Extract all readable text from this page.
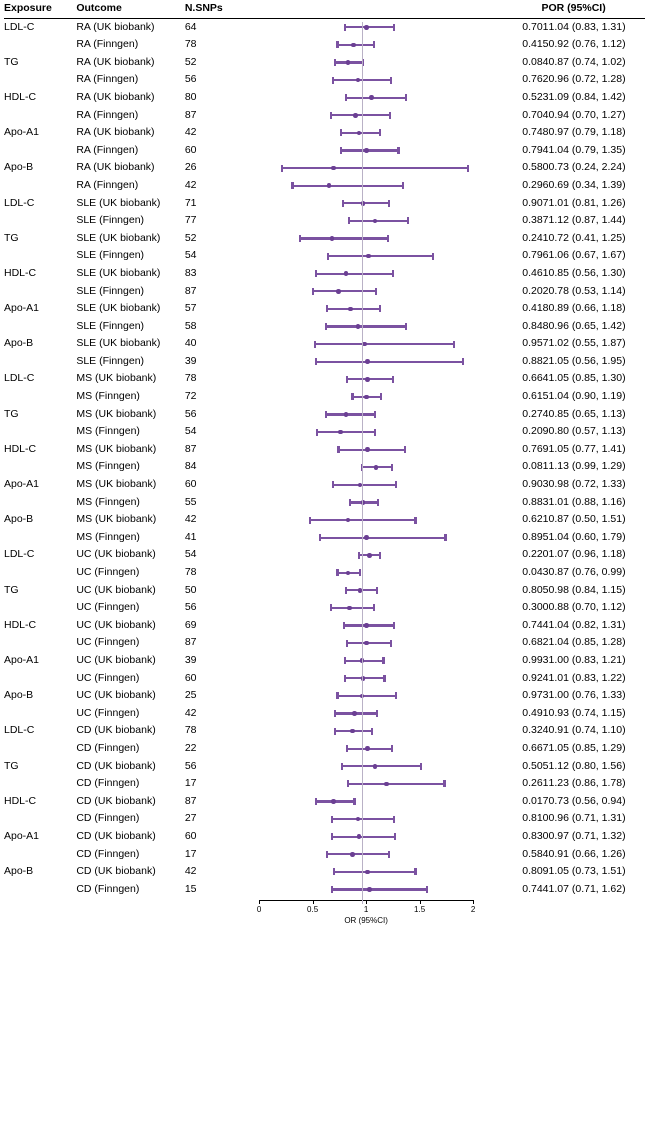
Exposure	Outcome	N.SNPs		P	OR (95%CI)
LDL-C	RA (UK biobank)	64		0.701	1.04 (0.83, 1.31)
	RA (Finngen)	78		0.415	0.92 (0.76, 1.12)
TG	RA (UK biobank)	52		0.084	0.87 (0.74, 1.02)
	RA (Finngen)	56		0.762	0.96 (0.72, 1.28)
HDL-C	RA (UK biobank)	80		0.523	1.09 (0.84, 1.42)
	RA (Finngen)	87		0.704	0.94 (0.70, 1.27)
Apo-A1	RA (UK biobank)	42		0.748	0.97 (0.79, 1.18)
	RA (Finngen)	60		0.794	1.04 (0.79, 1.35)
Apo-B	RA (UK biobank)	26		0.580	0.73 (0.24, 2.24)
	RA (Finngen)	42		0.296	0.69 (0.34, 1.39)
LDL-C	SLE (UK biobank)	71		0.907	1.01 (0.81, 1.26)
	SLE (Finngen)	77		0.387	1.12 (0.87, 1.44)
TG	SLE (UK biobank)	52		0.241	0.72 (0.41, 1.25)
	SLE (Finngen)	54		0.796	1.06 (0.67, 1.67)
HDL-C	SLE (UK biobank)	83		0.461	0.85 (0.56, 1.30)
	SLE (Finngen)	87		0.202	0.78 (0.53, 1.14)
Apo-A1	SLE (UK biobank)	57		0.418	0.89 (0.66, 1.18)
	SLE (Finngen)	58		0.848	0.96 (0.65, 1.42)
Apo-B	SLE (UK biobank)	40		0.957	1.02 (0.55, 1.87)
	SLE (Finngen)	39		0.882	1.05 (0.56, 1.95)
LDL-C	MS (UK biobank)	78		0.664	1.05 (0.85, 1.30)
	MS (Finngen)	72		0.615	1.04 (0.90, 1.19)
TG	MS (UK biobank)	56		0.274	0.85 (0.65, 1.13)
	MS (Finngen)	54		0.209	0.80 (0.57, 1.13)
HDL-C	MS (UK biobank)	87		0.769	1.05 (0.77, 1.41)
	MS (Finngen)	84		0.081	1.13 (0.99, 1.29)
Apo-A1	MS (UK biobank)	60		0.903	0.98 (0.72, 1.33)
	MS (Finngen)	55		0.883	1.01 (0.88, 1.16)
Apo-B	MS (UK biobank)	42		0.621	0.87 (0.50, 1.51)
	MS (Finngen)	41		0.895	1.04 (0.60, 1.79)
LDL-C	UC (UK biobank)	54		0.220	1.07 (0.96, 1.18)
	UC (Finngen)	78		0.043	0.87 (0.76, 0.99)
TG	UC (UK biobank)	50		0.805	0.98 (0.84, 1.15)
	UC (Finngen)	56		0.300	0.88 (0.70, 1.12)
HDL-C	UC (UK biobank)	69		0.744	1.04 (0.82, 1.31)
	UC (Finngen)	87		0.682	1.04 (0.85, 1.28)
Apo-A1	UC (UK biobank)	39		0.993	1.00 (0.83, 1.21)
	UC (Finngen)	60		0.924	1.01 (0.83, 1.22)
Apo-B	UC (UK biobank)	25		0.973	1.00 (0.76, 1.33)
	UC (Finngen)	42		0.491	0.93 (0.74, 1.15)
LDL-C	CD (UK biobank)	78		0.324	0.91 (0.74, 1.10)
	CD (Finngen)	22		0.667	1.05 (0.85, 1.29)
TG	CD (UK biobank)	56		0.505	1.12 (0.80, 1.56)
	CD (Finngen)	17		0.261	1.23 (0.86, 1.78)
HDL-C	CD (UK biobank)	87		0.017	0.73 (0.56, 0.94)
	CD (Finngen)	27		0.810	0.96 (0.71, 1.31)
Apo-A1	CD (UK biobank)	60		0.830	0.97 (0.71, 1.32)
	CD (Finngen)	17		0.584	0.91 (0.66, 1.26)
Apo-B	CD (UK biobank)	42		0.809	1.05 (0.73, 1.51)
	CD (Finngen)	15		0.744	1.07 (0.71, 1.62)
0	0.5	1	1.5	2
OR (95%CI)
